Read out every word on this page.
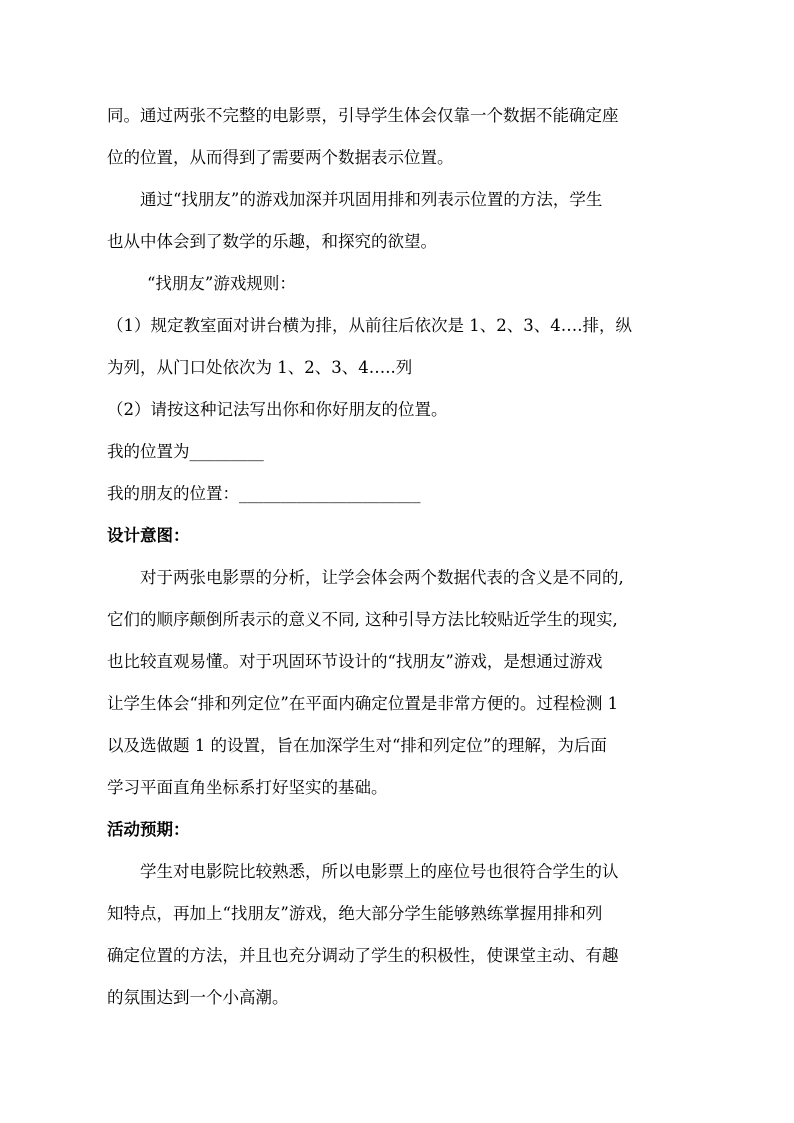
同。通过两张不完整的电影票，引导学生体会仅靠一个数据不能确定座
位的位置，从而得到了需要两个数据表示位置。
通过“找朋友”的游戏加深并巩固用排和列表示位置的方法，学生
也从中体会到了数学的乐趣，和探究的欲望。
“找朋友”游戏规则：
（1）规定教室面对讲台横为排，从前往后依次是 1、2、3、4….排，纵
为列，从门口处依次为 1、2、3、4…..列
（2）请按这种记法写出你和你好朋友的位置。
我的位置为_________
我的朋友的位置：______________________
设计意图：
对于两张电影票的分析，让学会体会两个数据代表的含义是不同的,
它们的顺序颠倒所表示的意义不同, 这种引导方法比较贴近学生的现实,
也比较直观易懂。对于巩固环节设计的“找朋友”游戏，是想通过游戏
让学生体会“排和列定位”在平面内确定位置是非常方便的。过程检测 1
以及选做题 1 的设置，旨在加深学生对“排和列定位”的理解，为后面
学习平面直角坐标系打好坚实的基础。
活动预期：
学生对电影院比较熟悉，所以电影票上的座位号也很符合学生的认
知特点，再加上“找朋友”游戏，绝大部分学生能够熟练掌握用排和列
确定位置的方法，并且也充分调动了学生的积极性，使课堂主动、有趣
的氛围达到一个小高潮。
